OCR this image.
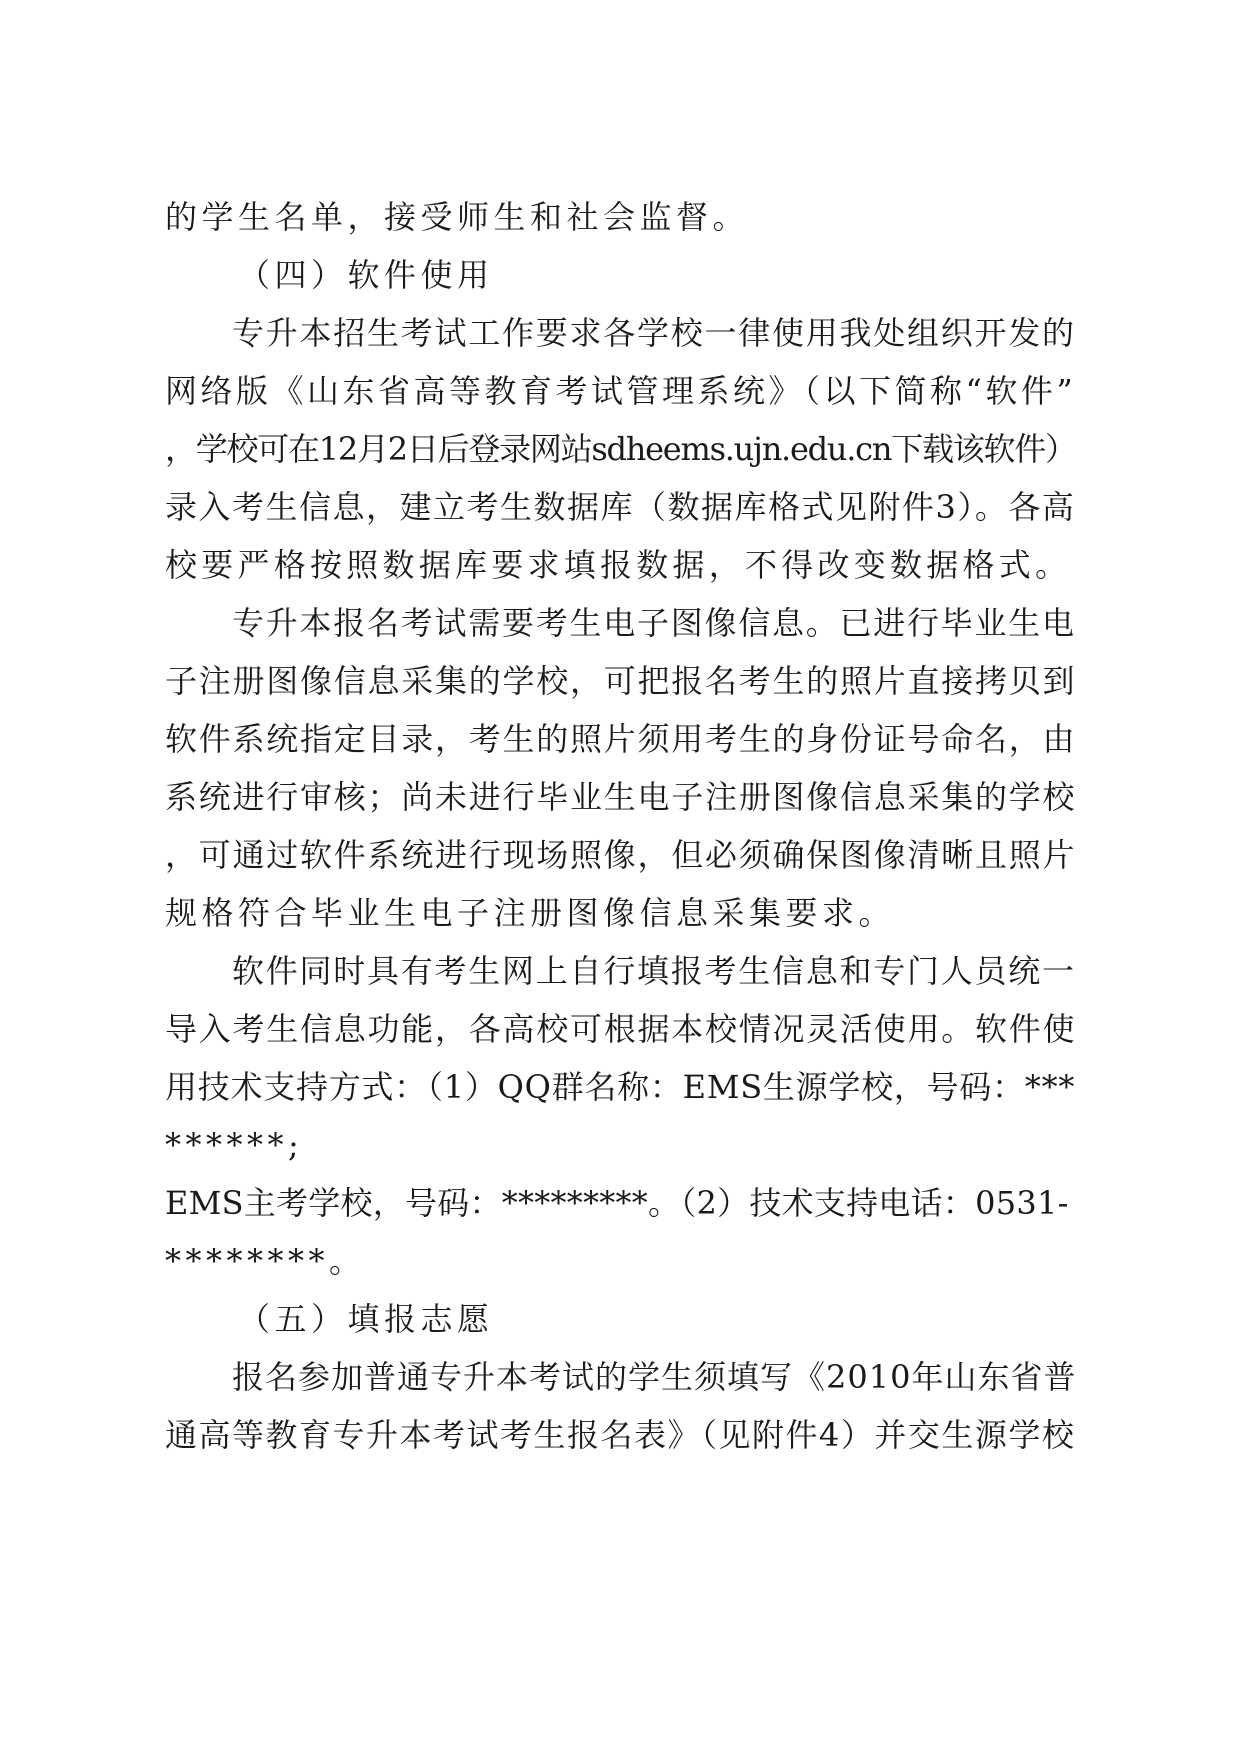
的学生名单，接受师生和社会监督。
（四）软件使用
专升本招生考试工作要求各学校一律使用我处组织开发的
网络版《山东省高等教育考试管理系统》（以下简称“软件”
，学校可在12月2日后登录网站sdheems.ujn.edu.cn下载该软件）
录入考生信息，建立考生数据库（数据库格式见附件3）。各高
校要严格按照数据库要求填报数据，不得改变数据格式。
专升本报名考试需要考生电子图像信息。已进行毕业生电
子注册图像信息采集的学校，可把报名考生的照片直接拷贝到
软件系统指定目录，考生的照片须用考生的身份证号命名，由
系统进行审核；尚未进行毕业生电子注册图像信息采集的学校
，可通过软件系统进行现场照像，但必须确保图像清晰且照片
规格符合毕业生电子注册图像信息采集要求。
软件同时具有考生网上自行填报考生信息和专门人员统一
导入考生信息功能，各高校可根据本校情况灵活使用。软件使
用技术支持方式：（1）QQ群名称：EMS生源学校，号码：***
******;
EMS主考学校，号码：*********。（2）技术支持电话：0531-
********。
（五）填报志愿
报名参加普通专升本考试的学生须填写《2010年山东省普
通高等教育专升本考试考生报名表》（见附件4）并交生源学校
